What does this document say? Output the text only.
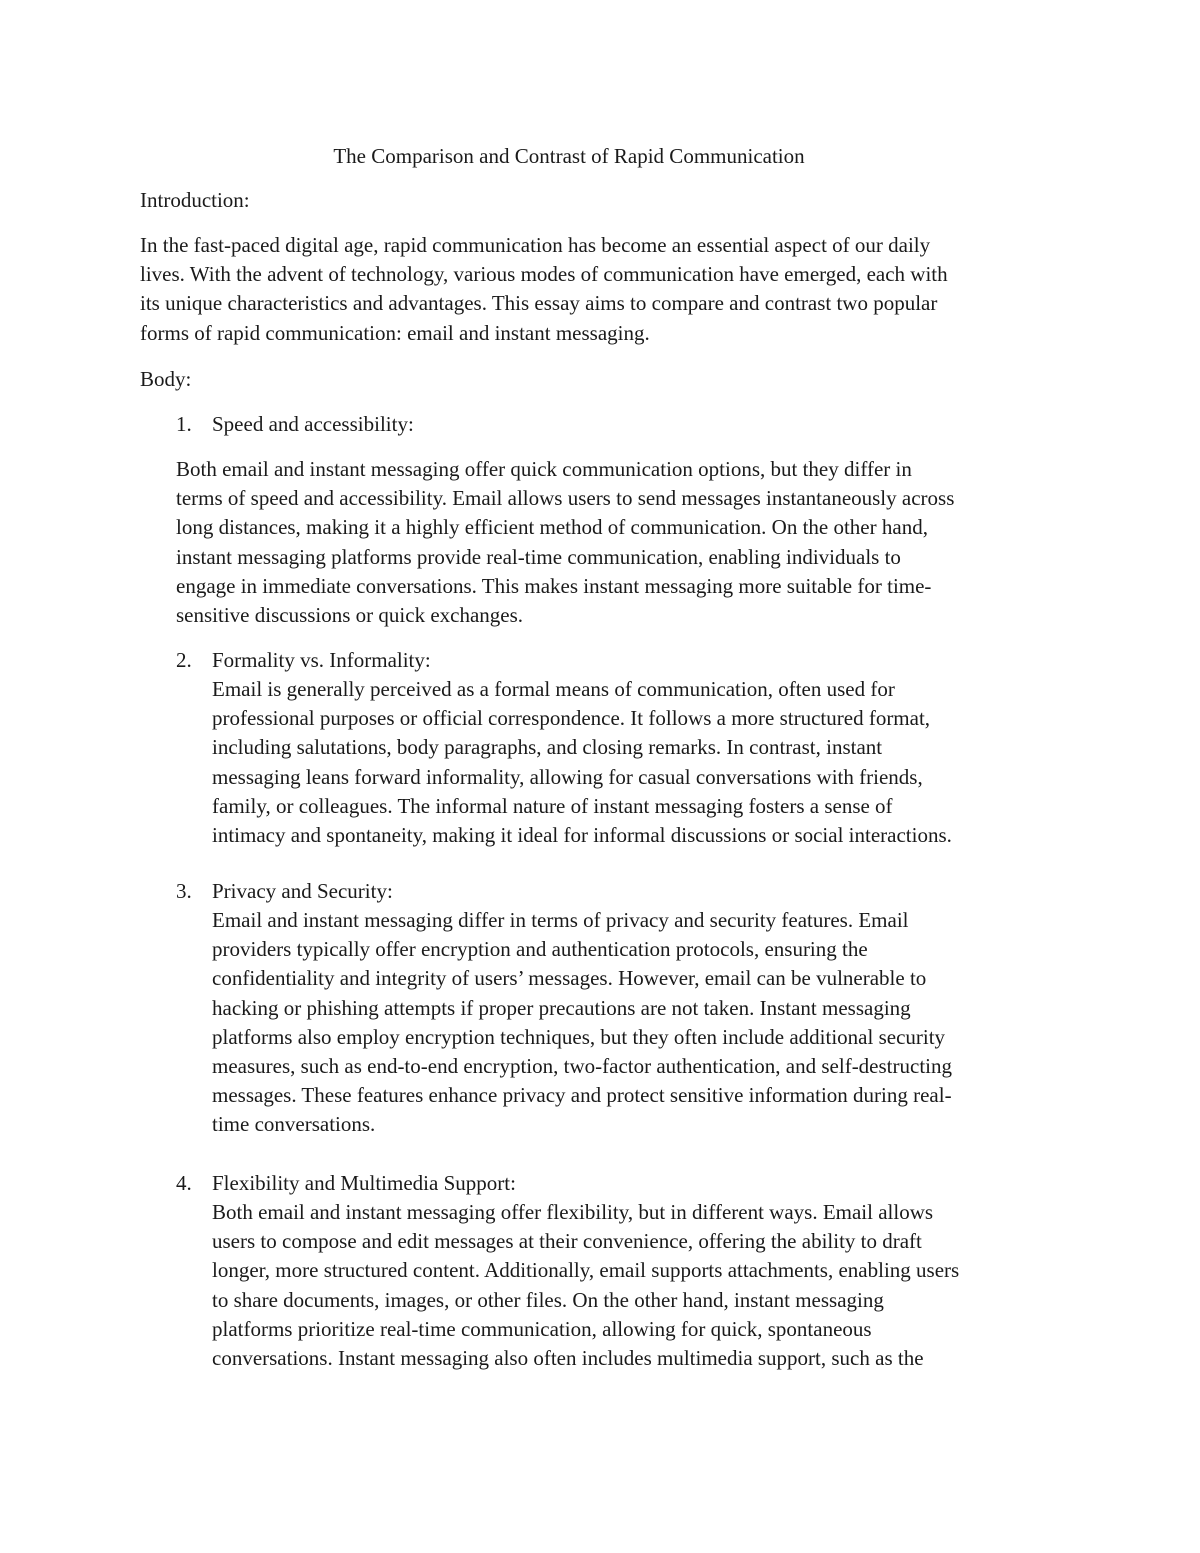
The Comparison and Contrast of Rapid Communication
Introduction:
In the fast-paced digital age, rapid communication has become an essential aspect of our daily
lives. With the advent of technology, various modes of communication have emerged, each with
its unique characteristics and advantages. This essay aims to compare and contrast two popular
forms of rapid communication: email and instant messaging.
Body:
1. Speed and accessibility:
Both email and instant messaging offer quick communication options, but they differ in
terms of speed and accessibility. Email allows users to send messages instantaneously across
long distances, making it a highly efficient method of communication. On the other hand,
instant messaging platforms provide real-time communication, enabling individuals to
engage in immediate conversations. This makes instant messaging more suitable for time-
sensitive discussions or quick exchanges.
2. Formality vs. Informality:
Email is generally perceived as a formal means of communication, often used for
professional purposes or official correspondence. It follows a more structured format,
including salutations, body paragraphs, and closing remarks. In contrast, instant
messaging leans forward informality, allowing for casual conversations with friends,
family, or colleagues. The informal nature of instant messaging fosters a sense of
intimacy and spontaneity, making it ideal for informal discussions or social interactions.
3. Privacy and Security:
Email and instant messaging differ in terms of privacy and security features. Email
providers typically offer encryption and authentication protocols, ensuring the
confidentiality and integrity of users’ messages. However, email can be vulnerable to
hacking or phishing attempts if proper precautions are not taken. Instant messaging
platforms also employ encryption techniques, but they often include additional security
measures, such as end-to-end encryption, two-factor authentication, and self-destructing
messages. These features enhance privacy and protect sensitive information during real-
time conversations.
4. Flexibility and Multimedia Support:
Both email and instant messaging offer flexibility, but in different ways. Email allows
users to compose and edit messages at their convenience, offering the ability to draft
longer, more structured content. Additionally, email supports attachments, enabling users
to share documents, images, or other files. On the other hand, instant messaging
platforms prioritize real-time communication, allowing for quick, spontaneous
conversations. Instant messaging also often includes multimedia support, such as the
